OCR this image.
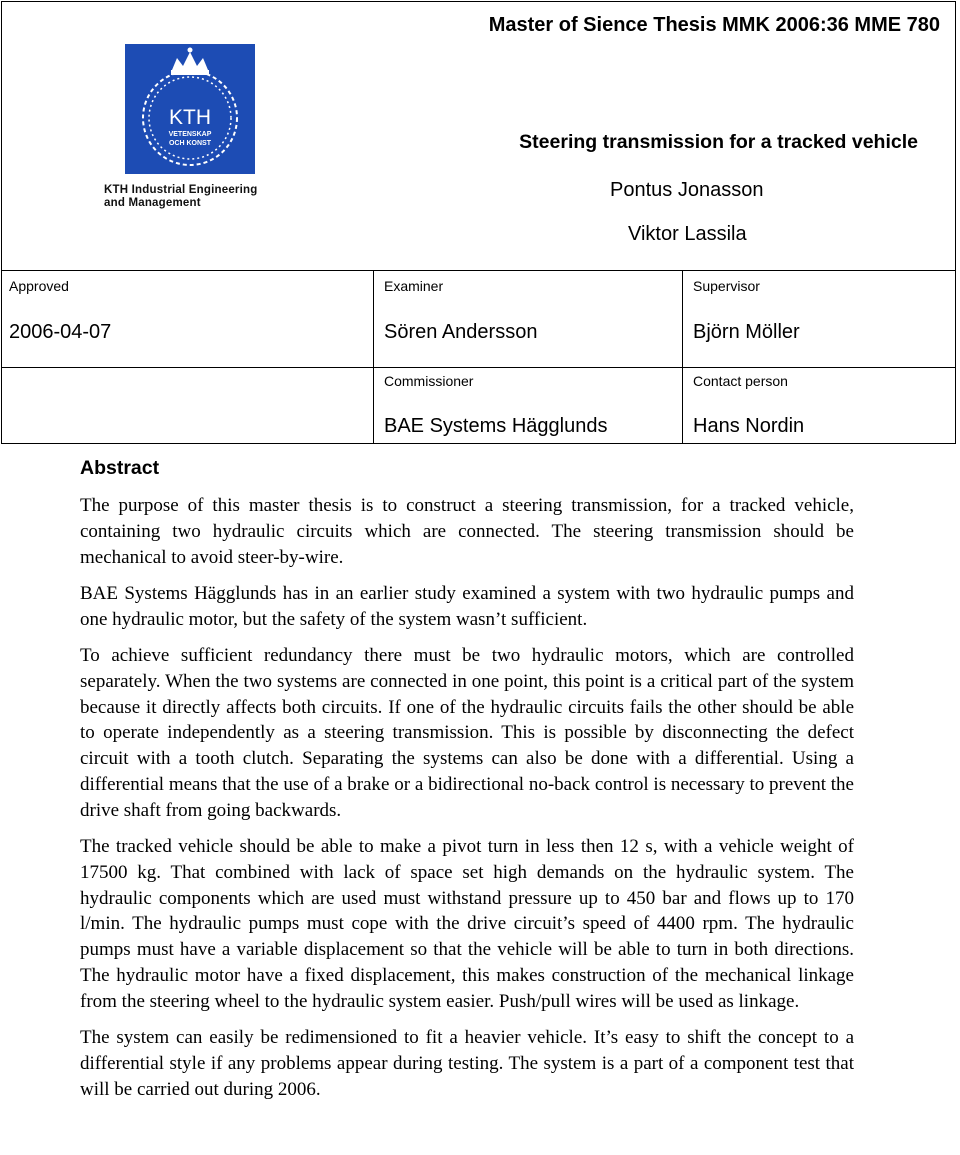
Master of Sience Thesis MMK 2006:36 MME 780
KTH
VETENSKAP
OCH KONST
KTH Industrial Engineering
and Management
Steering transmission for a tracked vehicle
Pontus Jonasson
Viktor Lassila
Approved
2006-04-07
Examiner
Sören Andersson
Supervisor
Björn Möller
Commissioner
BAE Systems Hägglunds
Contact person
Hans Nordin
Abstract

The purpose of this master thesis is to construct a steering transmission, for a tracked vehicle, containing two hydraulic circuits which are connected. The steering transmission should be mechanical to avoid steer-by-wire.

BAE Systems Hägglunds has in an earlier study examined a system with two hydraulic pumps and one hydraulic motor, but the safety of the system wasn’t sufficient.

To achieve sufficient redundancy there must be two hydraulic motors, which are controlled separately. When the two systems are connected in one point, this point is a critical part of the system because it directly affects both circuits. If one of the hydraulic circuits fails the other should be able to operate independently as a steering transmission. This is possible by disconnecting the defect circuit with a tooth clutch. Separating the systems can also be done with a differential. Using a differential means that the use of a brake or a bidirectional no-back control is necessary to prevent the drive shaft from going backwards.

The tracked vehicle should be able to make a pivot turn in less then 12 s, with a vehicle weight of 17500 kg. That combined with lack of space set high demands on the hydraulic system. The hydraulic components which are used must withstand pressure up to 450 bar and flows up to 170 l/min. The hydraulic pumps must cope with the drive circuit’s speed of 4400 rpm. The hydraulic pumps must have a variable displacement so that the vehicle will be able to turn in both directions. The hydraulic motor have a fixed displacement, this makes construction of the mechanical linkage from the steering wheel to the hydraulic system easier. Push/pull wires will be used as linkage.

The system can easily be redimensioned to fit a heavier vehicle. It’s easy to shift the concept to a differential style if any problems appear during testing. The system is a part of a component test that will be carried out during 2006.
